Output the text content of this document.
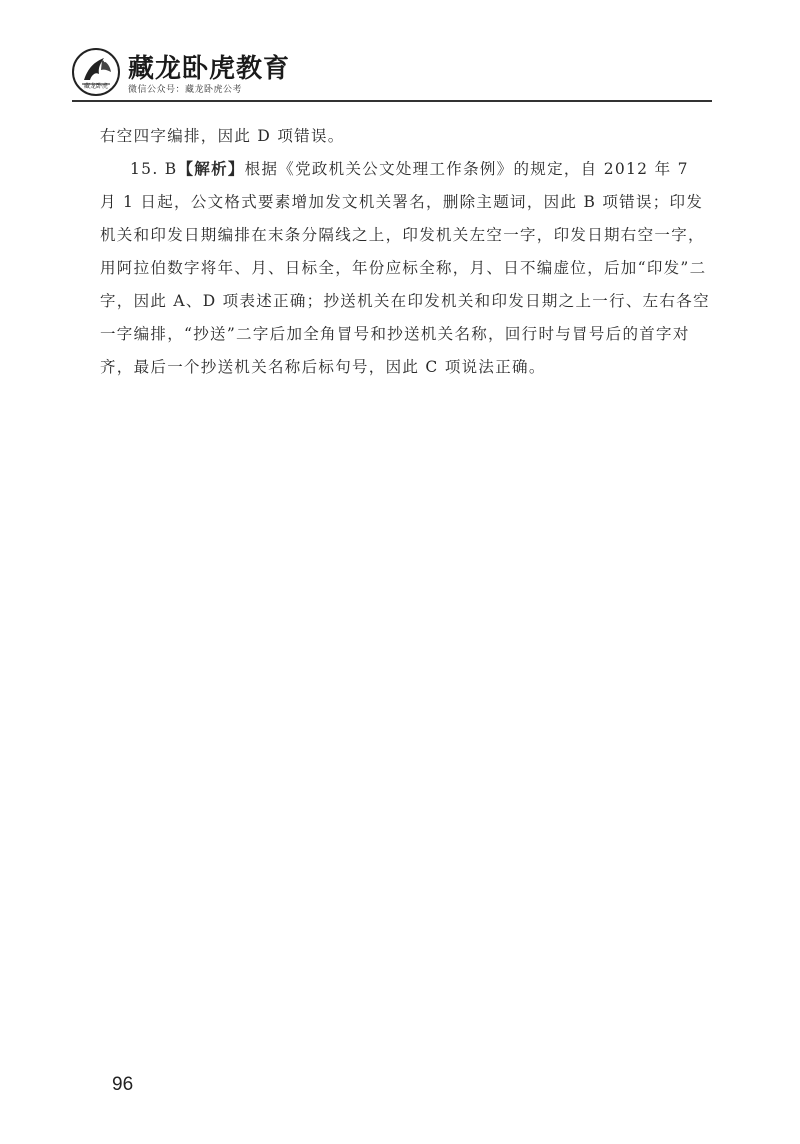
藏龙卧虎
藏龙卧虎教育
微信公众号：藏龙卧虎公考

右空四字编排，因此 D 项错误。

15. B【解析】根据《党政机关公文处理工作条例》的规定，自 2012 年 7 月 1 日起，公文格式要素增加发文机关署名，删除主题词，因此 B 项错误；印发机关和印发日期编排在末条分隔线之上，印发机关左空一字，印发日期右空一字，用阿拉伯数字将年、月、日标全，年份应标全称，月、日不编虚位，后加“印发”二字，因此 A、D 项表述正确；抄送机关在印发机关和印发日期之上一行、左右各空一字编排，“抄送”二字后加全角冒号和抄送机关名称，回行时与冒号后的首字对齐，最后一个抄送机关名称后标句号，因此 C 项说法正确。

96
